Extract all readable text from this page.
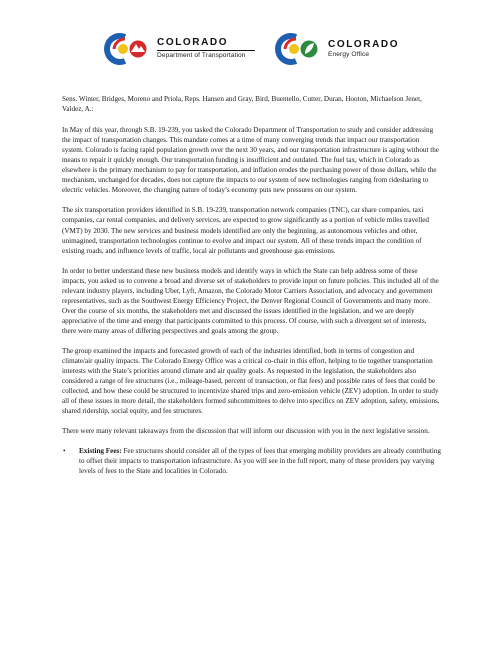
COLORADO
Department of Transportation
COLORADO
Energy Office

Sens. Winter, Bridges, Moreno and Priola, Reps. Hansen and Gray, Bird, Buentello, Cutter, Duran, Hooton, Michaelson Jenet, Valdez, A.:

In May of this year, through S.B. 19-239, you tasked the Colorado Department of Transportation to study and consider addressing the impact of transportation changes. This mandate comes at a time of many converging trends that impact our transportation system. Colorado is facing rapid population growth over the next 30 years, and our transportation infrastructure is aging without the means to repair it quickly enough. Our transportation funding is insufficient and outdated. The fuel tax, which in Colorado as elsewhere is the primary mechanism to pay for transportation, and inflation erodes the purchasing power of those dollars, while the mechanism, unchanged for decades, does not capture the impacts to our system of new technologies ranging from ridesharing to electric vehicles. Moreover, the changing nature of today’s economy puts new pressures on our system.

The six transportation providers identified in S.B. 19-239, transportation network companies (TNC), car share companies, taxi companies, car rental companies, and delivery services, are expected to grow significantly as a portion of vehicle miles travelled (VMT) by 2030. The new services and business models identified are only the beginning, as autonomous vehicles and other, unimagined, transportation technologies continue to evolve and impact our system. All of these trends impact the condition of existing roads, and influence levels of traffic, local air pollutants and greenhouse gas emissions.

In order to better understand these new business models and identify ways in which the State can help address some of these impacts, you asked us to convene a broad and diverse set of stakeholders to provide input on future policies. This included all of the relevant industry players, including Uber, Lyft, Amazon, the Colorado Motor Carriers Association, and advocacy and government representatives, such as the Southwest Energy Efficiency Project, the Denver Regional Council of Governments and many more. Over the course of six months, the stakeholders met and discussed the issues identified in the legislation, and we are deeply appreciative of the time and energy that participants committed to this process. Of course, with such a divergent set of interests, there were many areas of differing perspectives and goals among the group.

The group examined the impacts and forecasted growth of each of the industries identified, both in terms of congestion and climate/air quality impacts. The Colorado Energy Office was a critical co-chair in this effort, helping to tie together transportation interests with the State’s priorities around climate and air quality goals. As requested in the legislation, the stakeholders also considered a range of fee structures (i.e., mileage-based, percent of transaction, or flat fees) and possible rates of fees that could be collected, and how these could be structured to incentivize shared trips and zero-emission vehicle (ZEV) adoption. In order to study all of these issues in more detail, the stakeholders formed subcommittees to delve into specifics on ZEV adoption, safety, emissions, shared ridership, social equity, and fee structures.

There were many relevant takeaways from the discussion that will inform our discussion with you in the next legislative session.

• Existing Fees: Fee structures should consider all of the types of fees that emerging mobility providers are already contributing to offset their impacts to transportation infrastructure. As you will see in the full report, many of these providers pay varying levels of fees to the State and localities in Colorado.
